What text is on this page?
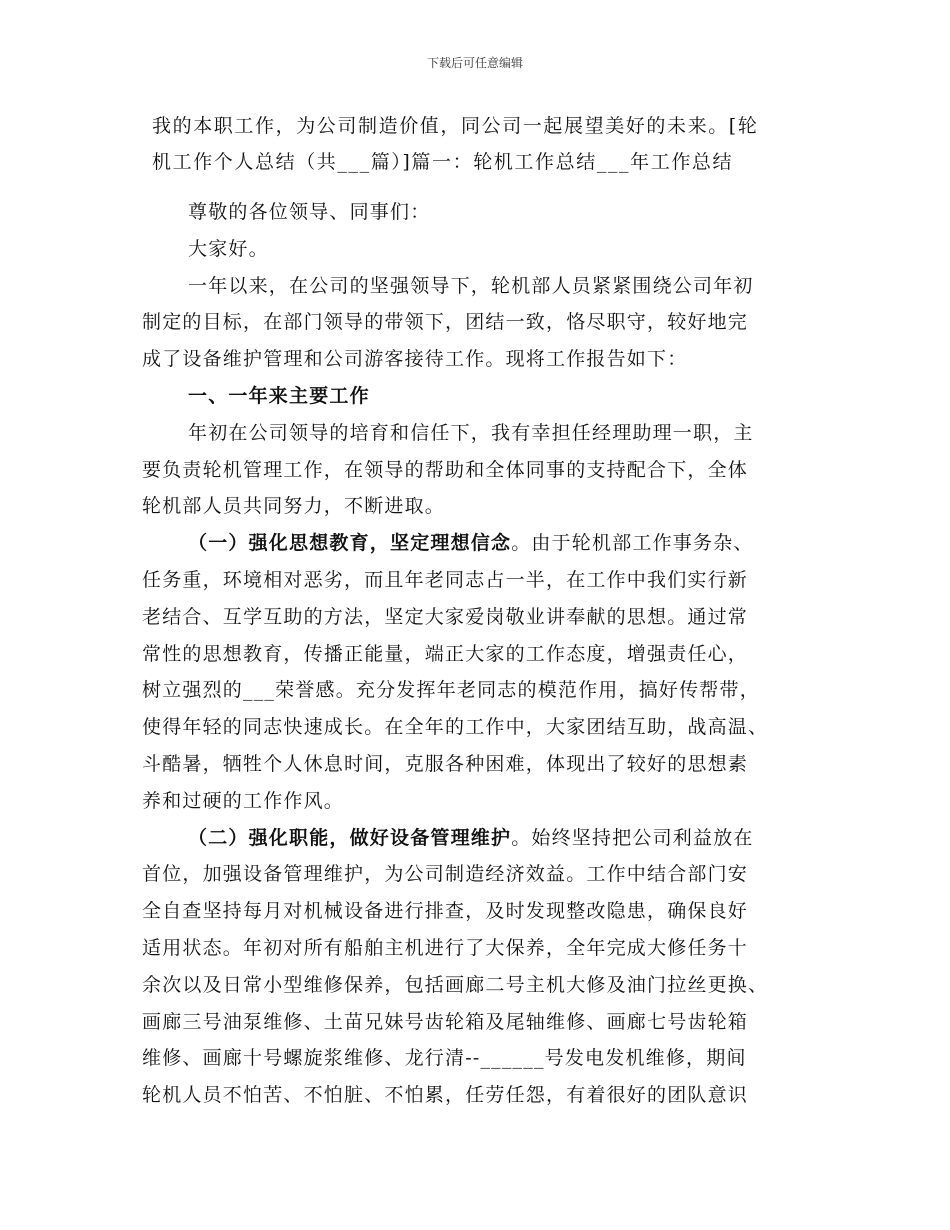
下载后可任意编辑
我的本职工作，为公司制造价值，同公司一起展望美好的未来。[轮
机工作个人总结（共___篇）]篇一：轮机工作总结___年工作总结

尊敬的各位领导、同事们：

大家好。

一年以来，在公司的坚强领导下，轮机部人员紧紧围绕公司年初

制定的目标，在部门领导的带领下，团结一致，恪尽职守，较好地完
成了设备维护管理和公司游客接待工作。现将工作报告如下：

一、一年来主要工作

年初在公司领导的培育和信任下，我有幸担任经理助理一职，主

要负责轮机管理工作，在领导的帮助和全体同事的支持配合下，全体
轮机部人员共同努力，不断进取。

（一）强化思想教育，坚定理想信念。由于轮机部工作事务杂、

任务重，环境相对恶劣，而且年老同志占一半，在工作中我们实行新
老结合、互学互助的方法，坚定大家爱岗敬业讲奉献的思想。通过常
常性的思想教育，传播正能量，端正大家的工作态度，增强责任心，
树立强烈的___荣誉感。充分发挥年老同志的模范作用，搞好传帮带，
使得年轻的同志快速成长。在全年的工作中，大家团结互助，战高温、
斗酷暑，牺牲个人休息时间，克服各种困难，体现出了较好的思想素
养和过硬的工作作风。

（二）强化职能，做好设备管理维护。始终坚持把公司利益放在

首位，加强设备管理维护，为公司制造经济效益。工作中结合部门安
全自查坚持每月对机械设备进行排查，及时发现整改隐患，确保良好
适用状态。年初对所有船舶主机进行了大保养，全年完成大修任务十
余次以及日常小型维修保养，包括画廊二号主机大修及油门拉丝更换、
画廊三号油泵维修、土苗兄妹号齿轮箱及尾轴维修、画廊七号齿轮箱
维修、画廊十号螺旋浆维修、龙行清--______号发电发机维修，期间
轮机人员不怕苦、不怕脏、不怕累，任劳任怨，有着很好的团队意识
